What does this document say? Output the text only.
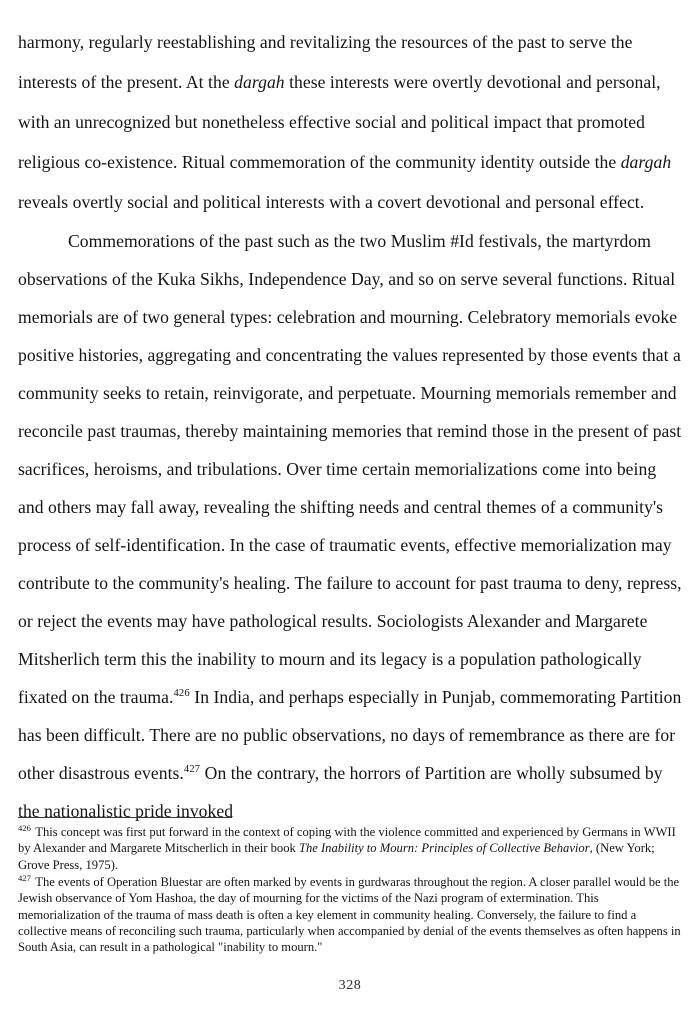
harmony, regularly reestablishing and revitalizing the resources of the past to serve the interests of the present. At the dargah these interests were overtly devotional and personal, with an unrecognized but nonetheless effective social and political impact that promoted religious co-existence. Ritual commemoration of the community identity outside the dargah reveals overtly social and political interests with a covert devotional and personal effect.

Commemorations of the past such as the two Muslim #Id festivals, the martyrdom observations of the Kuka Sikhs, Independence Day, and so on serve several functions. Ritual memorials are of two general types: celebration and mourning. Celebratory memorials evoke positive histories, aggregating and concentrating the values represented by those events that a community seeks to retain, reinvigorate, and perpetuate. Mourning memorials remember and reconcile past traumas, thereby maintaining memories that remind those in the present of past sacrifices, heroisms, and tribulations. Over time certain memorializations come into being and others may fall away, revealing the shifting needs and central themes of a community's process of self-identification. In the case of traumatic events, effective memorialization may contribute to the community's healing. The failure to account for past trauma to deny, repress, or reject the events may have pathological results. Sociologists Alexander and Margarete Mitsherlich term this the inability to mourn and its legacy is a population pathologically fixated on the trauma.$^{426}$ In India, and perhaps especially in Punjab, commemorating Partition has been difficult. There are no public observations, no days of remembrance as there are for other disastrous events.$^{427}$ On the contrary, the horrors of Partition are wholly subsumed by the nationalistic pride invoked

$^{426}$ This concept was first put forward in the context of coping with the violence committed and experienced by Germans in WWII by Alexander and Margarete Mitscherlich in their book The Inability to Mourn: Principles of Collective Behavior, (New York; Grove Press, 1975).

$^{427}$ The events of Operation Bluestar are often marked by events in gurdwaras throughout the region. A closer parallel would be the Jewish observance of Yom Hashoa, the day of mourning for the victims of the Nazi program of extermination. This memorialization of the trauma of mass death is often a key element in community healing. Conversely, the failure to find a collective means of reconciling such trauma, particularly when accompanied by denial of the events themselves as often happens in South Asia, can result in a pathological "inability to mourn."

328
